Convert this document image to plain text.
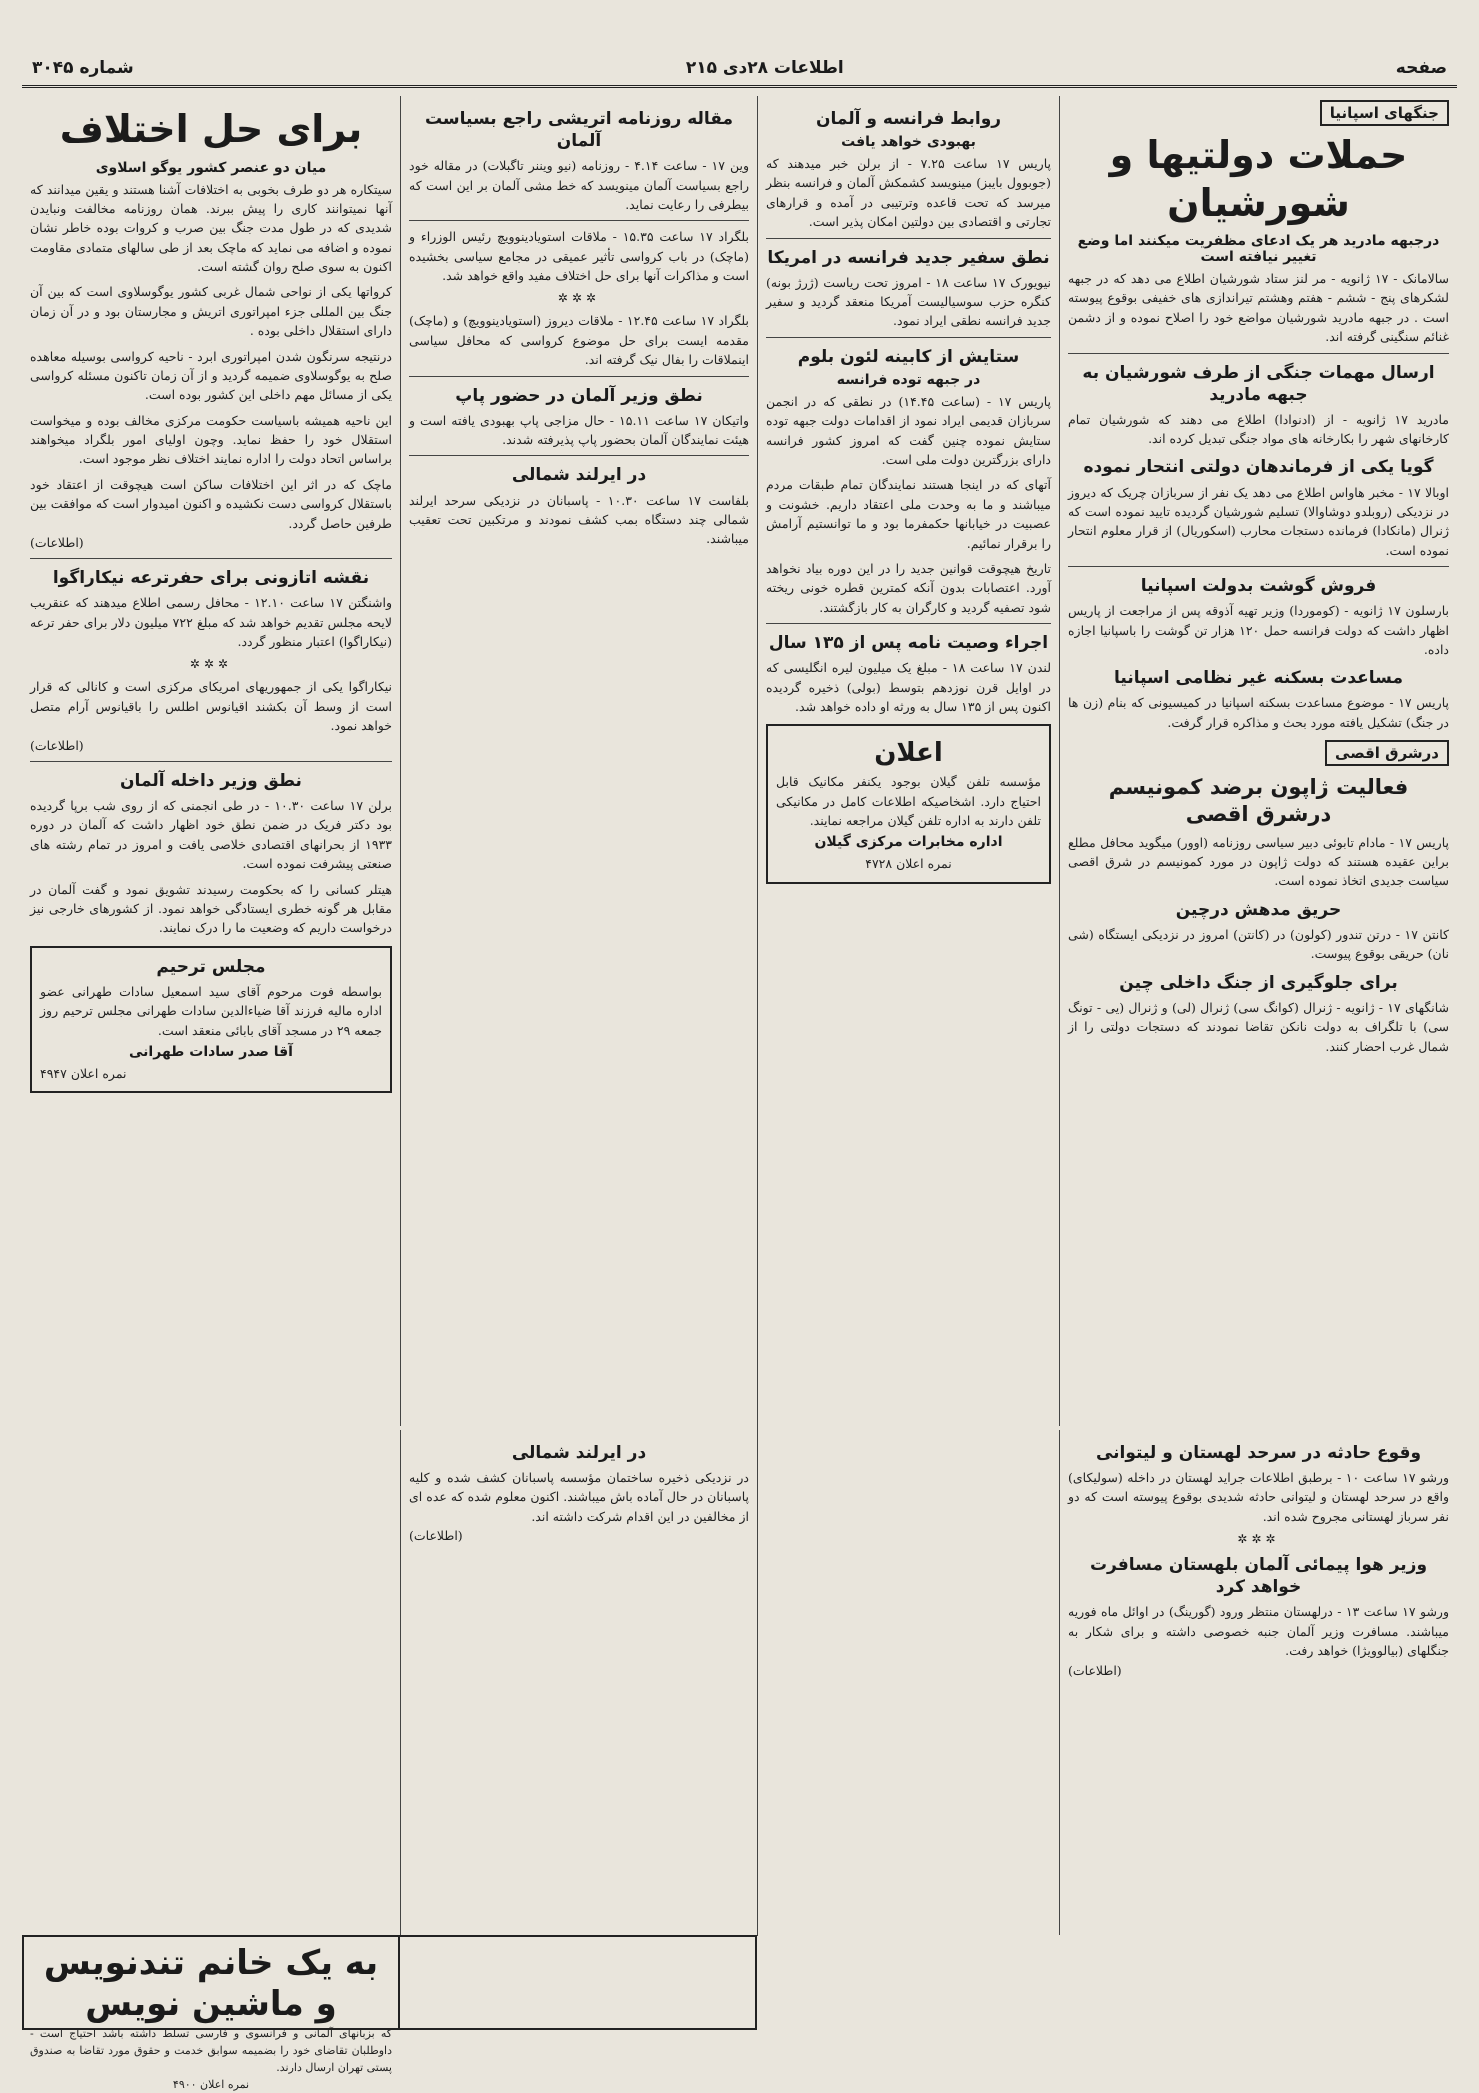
صفحه
اطلاعات ۲۸دی ۲۱۵
شماره ۳۰۴۵
جنگهای اسپانیا
حملات دولتیها و شورشیان
درجبهه مادرید هر یک ادعای مظفریت میکنند اما وضع تغییر نیافته است
سالامانک - ۱۷ ژانویه - مر لنز ستاد شورشیان اطلاع می دهد که در جبهه لشکرهای پنج - ششم - هفتم وهشتم تیراندازی های خفیفی بوقوع پیوسته است . در جبهه مادرید شورشیان مواضع خود را اصلاح نموده و از دشمن غنائم سنگینی گرفته اند.
ارسال مهمات جنگی از طرف شورشیان به جبهه مادرید
مادرید ۱۷ ژانویه - از (ادنوادا) اطلاع می دهند که شورشیان تمام کارخانهای شهر را بکارخانه های مواد جنگی تبدیل کرده اند.
گویا یکی از فرماندهان دولتی انتحار نموده
اوبالا ۱۷ - مخبر هاواس اطلاع می دهد یک نفر از سربازان چریک که دیروز در نزدیکی (روبلدو دوشاوالا) تسلیم شورشیان گردیده تایید نموده است که ژنرال (مانکادا) فرمانده دستجات محارب (اسکوریال) از قرار معلوم انتحار نموده است.
فروش گوشت بدولت اسپانیا
بارسلون ۱۷ ژانویه - (کوموردا) وزیر تهیه آذوقه پس از مراجعت از پاریس اظهار داشت که دولت فرانسه حمل ۱۲۰ هزار تن گوشت را باسپانیا اجازه داده.
مساعدت بسکنه غیر نظامی اسپانیا
پاریس ۱۷ - موضوع مساعدت بسکنه اسپانیا در کمیسیونی که بنام (زن ها در جنگ) تشکیل یافته مورد بحث و مذاکره قرار گرفت.
درشرق اقصی
فعالیت ژاپون برضد کمونیسم درشرق اقصی
پاریس ۱۷ - مادام تابوئی دبیر سیاسی روزنامه (اوور) میگوید محافل مطلع براین عقیده هستند که دولت ژاپون در مورد کمونیسم در شرق اقصی سیاست جدیدی اتخاذ نموده است.
حریق مدهش درچین
کانتن ۱۷ - درتن تندور (کولون) در (کانتن) امروز در نزدیکی ایستگاه (شی نان) حریقی بوقوع پیوست.
برای جلوگیری از جنگ داخلی چین
شانگهای ۱۷ - ژانویه - ژنرال (کوانگ سی) ژنرال (لی) و ژنرال (یی - تونگ سی) با تلگراف به دولت نانکن تقاضا نمودند که دستجات دولتی را از شمال غرب احضار کنند.
وقوع حادثه در سرحد لهستان و لیتوانی
ورشو ۱۷ ساعت ۱۰ - برطبق اطلاعات جراید لهستان در داخله (سولیکای) واقع در سرحد لهستان و لیتوانی حادثه شدیدی بوقوع پیوسته است که دو نفر سرباز لهستانی مجروح شده اند.
✲✲✲
وزیر هوا پیمائی آلمان بلهستان مسافرت خواهد کرد
ورشو ۱۷ ساعت ۱۳ - درلهستان منتظر ورود (گورینگ) در اوائل ماه فوریه میباشند. مسافرت وزیر آلمان جنبه خصوصی داشته و برای شکار به جنگلهای (بیالوویژا) خواهد رفت.
(اطلاعات)
روابط فرانسه و آلمان
بهبودی خواهد یافت
پاریس ۱۷ ساعت ۷.۲۵ - از برلن خبر میدهند که (جوبوول بایبز) مینویسد کشمکش آلمان و فرانسه بنظر میرسد که تحت قاعده وترتیبی در آمده و قرارهای تجارتی و اقتصادی بین دولتین امکان پذیر است.
نطق سفیر جدید فرانسه در امریکا
نیویورک ۱۷ ساعت ۱۸ - امروز تحت ریاست (ژرژ بونه) کنگره حزب سوسیالیست آمریکا منعقد گردید و سفیر جدید فرانسه نطقی ایراد نمود.
ستایش از کابینه لئون بلوم
در جبهه توده فرانسه
پاریس ۱۷ - (ساعت ۱۴.۴۵) در نطقی که در انجمن سربازان قدیمی ایراد نمود از اقدامات دولت جبهه توده ستایش نموده چنین گفت که امروز کشور فرانسه دارای بزرگترین دولت ملی است.
آتهای که در اینجا هستند نمایندگان تمام طبقات مردم میباشند و ما به وحدت ملی اعتقاد داریم. خشونت و عصبیت در خیابانها حکمفرما بود و ما توانستیم آرامش را برقرار نمائیم.
تاریخ هیچوقت قوانین جدید را در این دوره بیاد نخواهد آورد. اعتصابات بدون آنکه کمترین قطره خونی ریخته شود تصفیه گردید و کارگران به کار بازگشتند.
اجراء وصیت نامه پس از ۱۳۵ سال
لندن ۱۷ ساعت ۱۸ - مبلغ یک میلیون لیره انگلیسی که در اوایل قرن نوزدهم بتوسط (بولی) ذخیره گردیده اکنون پس از ۱۳۵ سال به ورثه او داده خواهد شد.
اعلان
مؤسسه تلفن گیلان بوجود یکنفر مکانیک قابل احتیاج دارد. اشخاصیکه اطلاعات کامل در مکانیکی تلفن دارند به اداره تلفن گیلان مراجعه نمایند.
اداره مخابرات مرکزی گیلان
نمره اعلان ۴۷۲۸
مقاله روزنامه اتریشی راجع بسیاست آلمان
وین ۱۷ - ساعت ۴.۱۴ - روزنامه (نیو ویننر تاگبلات) در مقاله خود راجع بسیاست آلمان مینویسد که خط مشی آلمان بر این است که بیطرفی را رعایت نماید.
بلگراد ۱۷ ساعت ۱۵.۳۵ - ملاقات استویادینوویچ رئیس الوزراء و (ماچک) در باب کرواسی تأثیر عمیقی در مجامع سیاسی بخشیده است و مذاکرات آنها برای حل اختلاف مفید واقع خواهد شد.
✲✲✲
بلگراد ۱۷ ساعت ۱۲.۴۵ - ملاقات دیروز (استویادینوویچ) و (ماچک) مقدمه ایست برای حل موضوع کرواسی که محافل سیاسی اینملاقات را بفال نیک گرفته اند.
نطق وزیر آلمان در حضور پاپ
واتیکان ۱۷ ساعت ۱۵.۱۱ - حال مزاجی پاپ بهبودی یافته است و هیئت نمایندگان آلمان بحضور پاپ پذیرفته شدند.
در ایرلند شمالی
بلفاست ۱۷ ساعت ۱۰.۳۰ - پاسبانان در نزدیکی سرحد ایرلند شمالی چند دستگاه بمب کشف نمودند و مرتکبین تحت تعقیب میباشند.
در ایرلند شمالی
در نزدیکی ذخیره ساختمان مؤسسه پاسبانان کشف شده و کلیه پاسبانان در حال آماده باش میباشند. اکنون معلوم شده که عده ای از مخالفین در این اقدام شرکت داشته اند.
(اطلاعات)
برای حل اختلاف
میان دو عنصر کشور یوگو اسلاوی
سیتکاره هر دو طرف بخوبی به اختلافات آشنا هستند و یقین میدانند که آنها نمیتوانند کاری را پیش ببرند. همان روزنامه مخالفت ونبایدن شدیدی که در طول مدت جنگ بین صرب و کروات بوده خاطر نشان نموده و اضافه می نماید که ماچک بعد از طی سالهای متمادی مقاومت اکنون به سوی صلح روان گشته است.
کرواتها یکی از نواحی شمال غربی کشور یوگوسلاوی است که بین آن جنگ بین المللی جزء امپراتوری اتریش و مجارستان بود و در آن زمان دارای استقلال داخلی بوده .
درنتیجه سرنگون شدن امپراتوری ابرد - ناحیه کرواسی بوسیله معاهده صلح به یوگوسلاوی ضمیمه گردید و از آن زمان تاکنون مسئله کرواسی یکی از مسائل مهم داخلی این کشور بوده است.
این ناحیه همیشه باسیاست حکومت مرکزی مخالف بوده و میخواست استقلال خود را حفظ نماید. وچون اولیای امور بلگراد میخواهند براساس اتحاد دولت را اداره نمایند اختلاف نظر موجود است.
ماچک که در اثر این اختلافات ساکن است هیچوقت از اعتقاد خود باستقلال کرواسی دست نکشیده و اکنون امیدوار است که موافقت بین طرفین حاصل گردد.
(اطلاعات)
نقشه اتازونی برای حفرترعه نیکاراگوا
واشنگتن ۱۷ ساعت ۱۲.۱۰ - محافل رسمی اطلاع میدهند که عنقریب لایحه مجلس تقدیم خواهد شد که مبلغ ۷۲۲ میلیون دلار برای حفر ترعه (نیکاراگوا) اعتبار منظور گردد.
✲✲✲
نیکاراگوا یکی از جمهوریهای امریکای مرکزی است و کانالی که قرار است از وسط آن بکشند اقیانوس اطلس را باقیانوس آرام متصل خواهد نمود.
(اطلاعات)
نطق وزیر داخله آلمان
برلن ۱۷ ساعت ۱۰.۳۰ - در طی انجمنی که از روی شب برپا گردیده بود دکتر فریک در ضمن نطق خود اظهار داشت که آلمان در دوره ۱۹۳۳ از بحرانهای اقتصادی خلاصی یافت و امروز در تمام رشته های صنعتی پیشرفت نموده است.
هیتلر کسانی را که بحکومت رسیدند تشویق نمود و گفت آلمان در مقابل هر گونه خطری ایستادگی خواهد نمود. از کشورهای خارجی نیز درخواست داریم که وضعیت ما را درک نمایند.
مجلس ترحیم
بواسطه فوت مرحوم آقای سید اسمعیل سادات طهرانی عضو اداره مالیه فرزند آقا ضیاءالدین سادات طهرانی مجلس ترحیم روز جمعه ۲۹ در مسجد آقای بابائی منعقد است.
آقا صدر سادات طهرانی
نمره اعلان ۴۹۴۷
به یک خانم تندنویس و ماشین نویس
که بزبانهای آلمانی و فرانسوی و فارسی تسلط داشته باشد احتیاج است - داوطلبان تقاضای خود را بضمیمه سوابق خدمت و حقوق مورد تقاضا به صندوق پستی تهران ارسال دارند.
نمره اعلان ۴۹۰۰
